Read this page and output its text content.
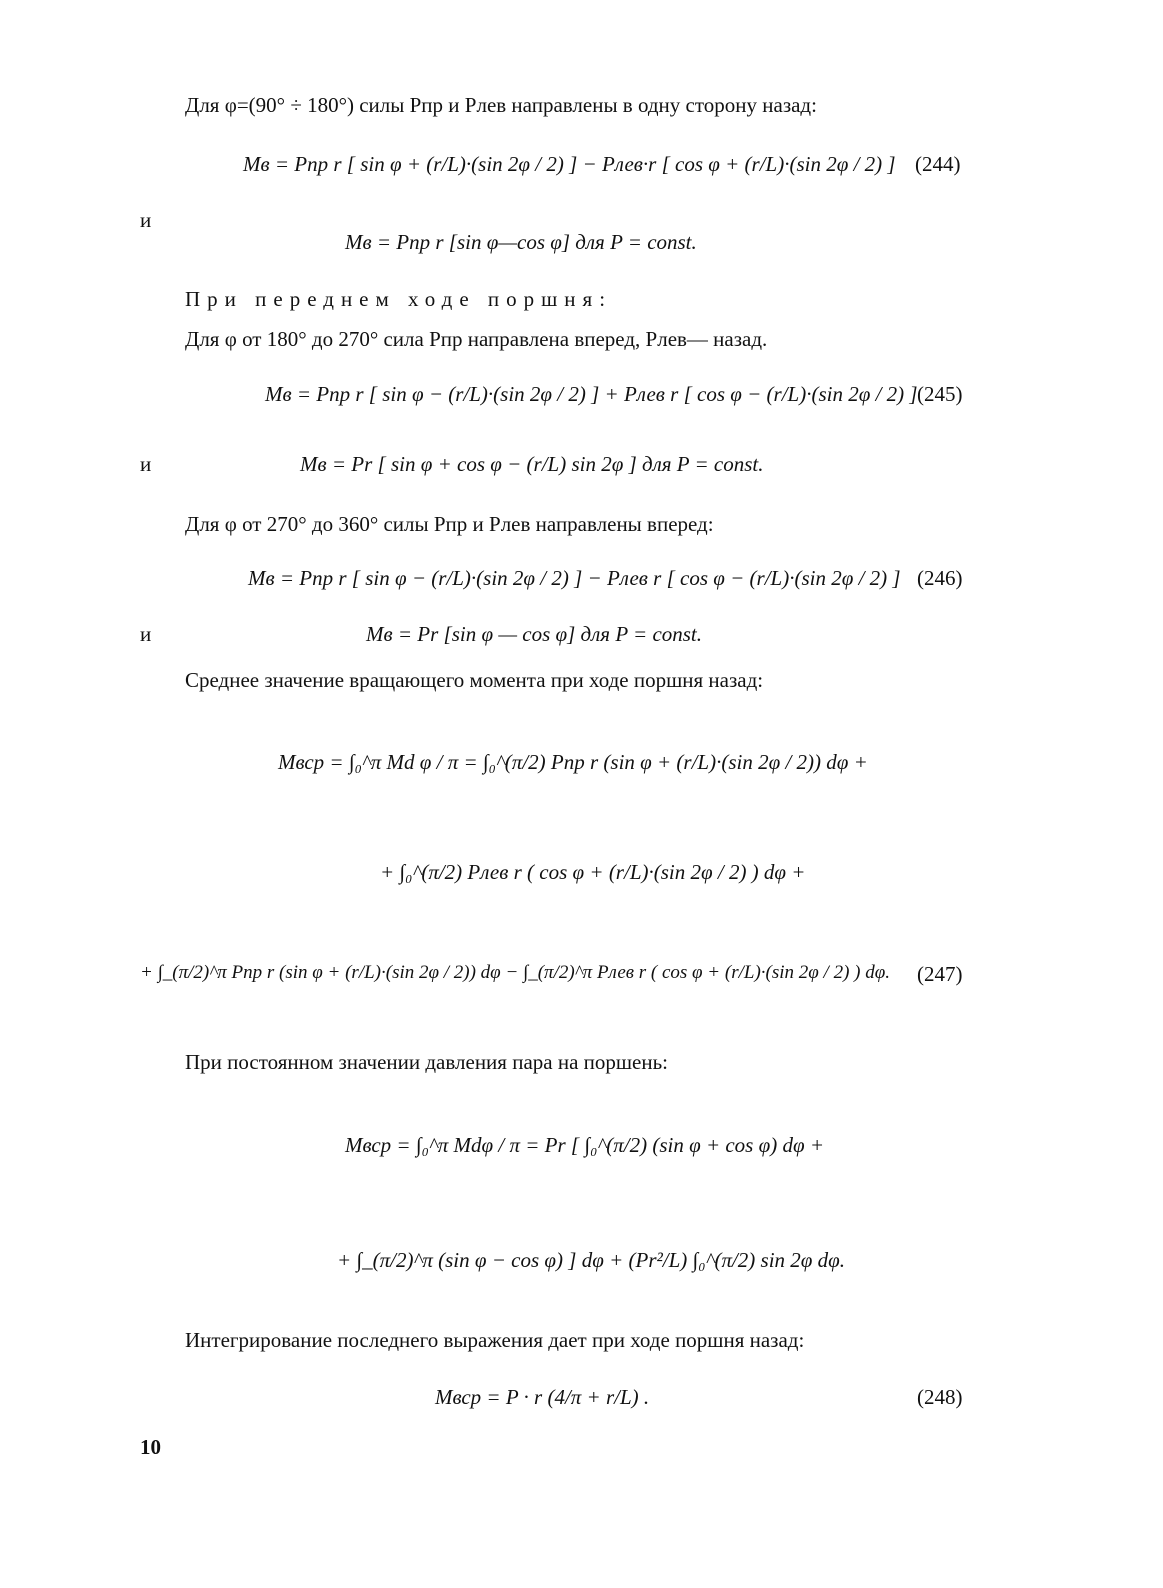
Для φ=(90° ÷ 180°) силы Pпр и Pлев направлены в одну сторону назад:
Mв = Pпр r [ sin φ + (r/L)·(sin 2φ / 2) ] − Pлев·r [ cos φ + (r/L)·(sin 2φ / 2) ] (244)
и
Mв = Pпр r [sin φ—cos φ] для P = const.
При переднем ходе поршня:
Для φ от 180° до 270° сила Pпр направлена вперед, Pлев— назад.
Mв = Pпр r [ sin φ − (r/L)·(sin 2φ / 2) ] + Pлев r [ cos φ − (r/L)·(sin 2φ / 2) ] (245)
и	Mв = Pr [ sin φ + cos φ − (r/L) sin 2φ ] для P = const.
Для φ от 270° до 360° силы Pпр и Pлев направлены вперед:
Mв = Pпр r [ sin φ − (r/L)·(sin 2φ / 2) ] − Pлев r [ cos φ − (r/L)·(sin 2φ / 2) ] (246)
и	Mв = Pr [sin φ — cos φ] для P = const.
Среднее значение вращающего момента при ходе поршня назад:
Mвср = ∫₀^π Md φ / π = ∫₀^(π/2) Pпр r (sin φ + (r/L)·(sin 2φ / 2)) dφ +
+ ∫₀^(π/2) Pлев r ( cos φ + (r/L)·(sin 2φ / 2) ) dφ +
+ ∫_(π/2)^π Pпр r (sin φ + (r/L)·(sin 2φ / 2)) dφ − ∫_(π/2)^π Pлев r ( cos φ + (r/L)·(sin 2φ / 2) ) dφ. (247)
При постоянном значении давления пара на поршень:
Mвср = ∫₀^π Mdφ / π = Pr [ ∫₀^(π/2) (sin φ + cos φ) dφ +
+ ∫_(π/2)^π (sin φ − cos φ) ] dφ + (Pr²/L) ∫₀^(π/2) sin 2φ dφ.
Интегрирование последнего выражения дает при ходе поршня назад:
Mвср = P · r (4/π + r/L) .	(248)
10
